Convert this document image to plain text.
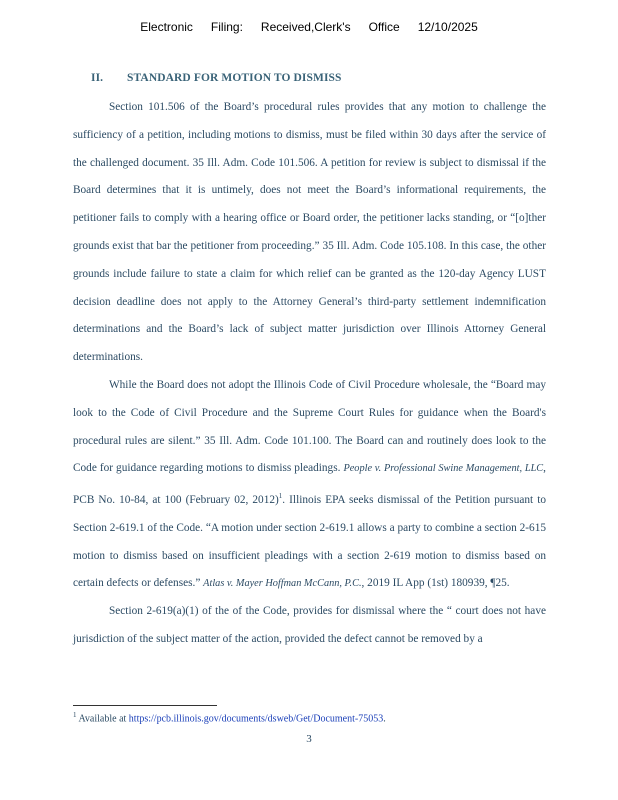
Electronic Filing: Received,Clerk's Office 12/10/2025
II. STANDARD FOR MOTION TO DISMISS

Section 101.506 of the Board’s procedural rules provides that any motion to challenge the sufficiency of a petition, including motions to dismiss, must be filed within 30 days after the service of the challenged document. 35 Ill. Adm. Code 101.506. A petition for review is subject to dismissal if the Board determines that it is untimely, does not meet the Board’s informational requirements, the petitioner fails to comply with a hearing office or Board order, the petitioner lacks standing, or “[o]ther grounds exist that bar the petitioner from proceeding.” 35 Ill. Adm. Code 105.108. In this case, the other grounds include failure to state a claim for which relief can be granted as the 120-day Agency LUST decision deadline does not apply to the Attorney General’s third-party settlement indemnification determinations and the Board’s lack of subject matter jurisdiction over Illinois Attorney General determinations.

While the Board does not adopt the Illinois Code of Civil Procedure wholesale, the “Board may look to the Code of Civil Procedure and the Supreme Court Rules for guidance when the Board's procedural rules are silent.” 35 Ill. Adm. Code 101.100. The Board can and routinely does look to the Code for guidance regarding motions to dismiss pleadings. People v. Professional Swine Management, LLC, PCB No. 10-84, at 100 (February 02, 2012)$^1$. Illinois EPA seeks dismissal of the Petition pursuant to Section 2-619.1 of the Code. “A motion under section 2-619.1 allows a party to combine a section 2-615 motion to dismiss based on insufficient pleadings with a section 2-619 motion to dismiss based on certain defects or defenses.” Atlas v. Mayer Hoffman McCann, P.C., 2019 IL App (1st) 180939, ¶25.

Section 2-619(a)(1) of the of the Code, provides for dismissal where the “ court does not have jurisdiction of the subject matter of the action, provided the defect cannot be removed by a

$^1$ Available at https://pcb.illinois.gov/documents/dsweb/Get/Document-75053.
3
